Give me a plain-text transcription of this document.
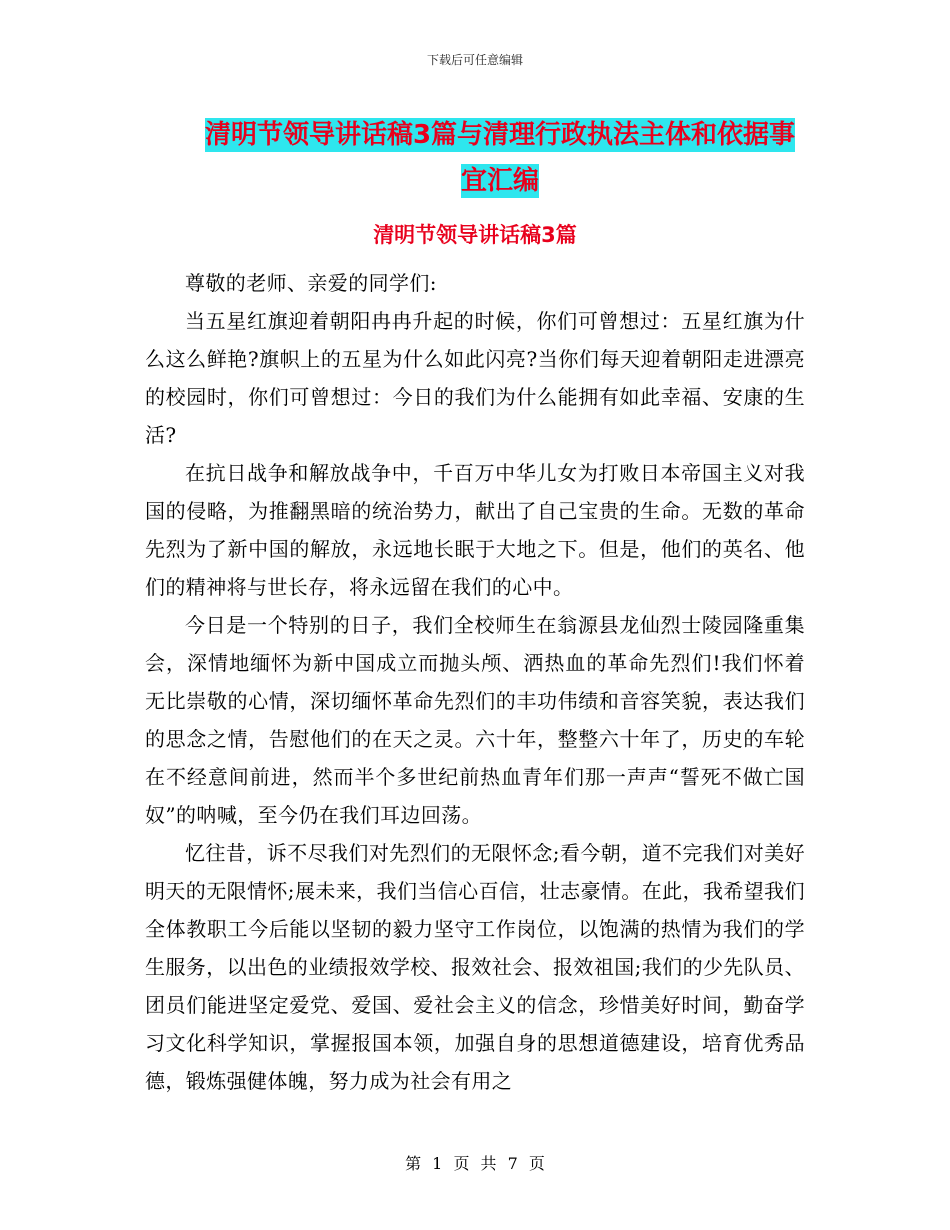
下载后可任意编辑
清明节领导讲话稿3篇与清理行政执法主体和依据事
宜汇编
清明节领导讲话稿3篇

尊敬的老师、亲爱的同学们:

当五星红旗迎着朝阳冉冉升起的时候，你们可曾想过：五星红旗为什么这么鲜艳?旗帜上的五星为什么如此闪亮?当你们每天迎着朝阳走进漂亮的校园时，你们可曾想过：今日的我们为什么能拥有如此幸福、安康的生活?

在抗日战争和解放战争中，千百万中华儿女为打败日本帝国主义对我国的侵略，为推翻黑暗的统治势力，献出了自己宝贵的生命。无数的革命先烈为了新中国的解放，永远地长眠于大地之下。但是，他们的英名、他们的精神将与世长存，将永远留在我们的心中。

今日是一个特别的日子，我们全校师生在翁源县龙仙烈士陵园隆重集会，深情地缅怀为新中国成立而抛头颅、洒热血的革命先烈们!我们怀着无比崇敬的心情，深切缅怀革命先烈们的丰功伟绩和音容笑貌，表达我们的思念之情，告慰他们的在天之灵。六十年，整整六十年了，历史的车轮在不经意间前进，然而半个多世纪前热血青年们那一声声“誓死不做亡国奴”的呐喊，至今仍在我们耳边回荡。

忆往昔，诉不尽我们对先烈们的无限怀念;看今朝，道不完我们对美好明天的无限情怀;展未来，我们当信心百信，壮志豪情。在此，我希望我们全体教职工今后能以坚韧的毅力坚守工作岗位，以饱满的热情为我们的学生服务，以出色的业绩报效学校、报效社会、报效祖国;我们的少先队员、团员们能进坚定爱党、爱国、爱社会主义的信念，珍惜美好时间，勤奋学习文化科学知识，掌握报国本领，加强自身的思想道德建设，培育优秀品德，锻炼强健体魄，努力成为社会有用之

第 1 页 共 7 页
